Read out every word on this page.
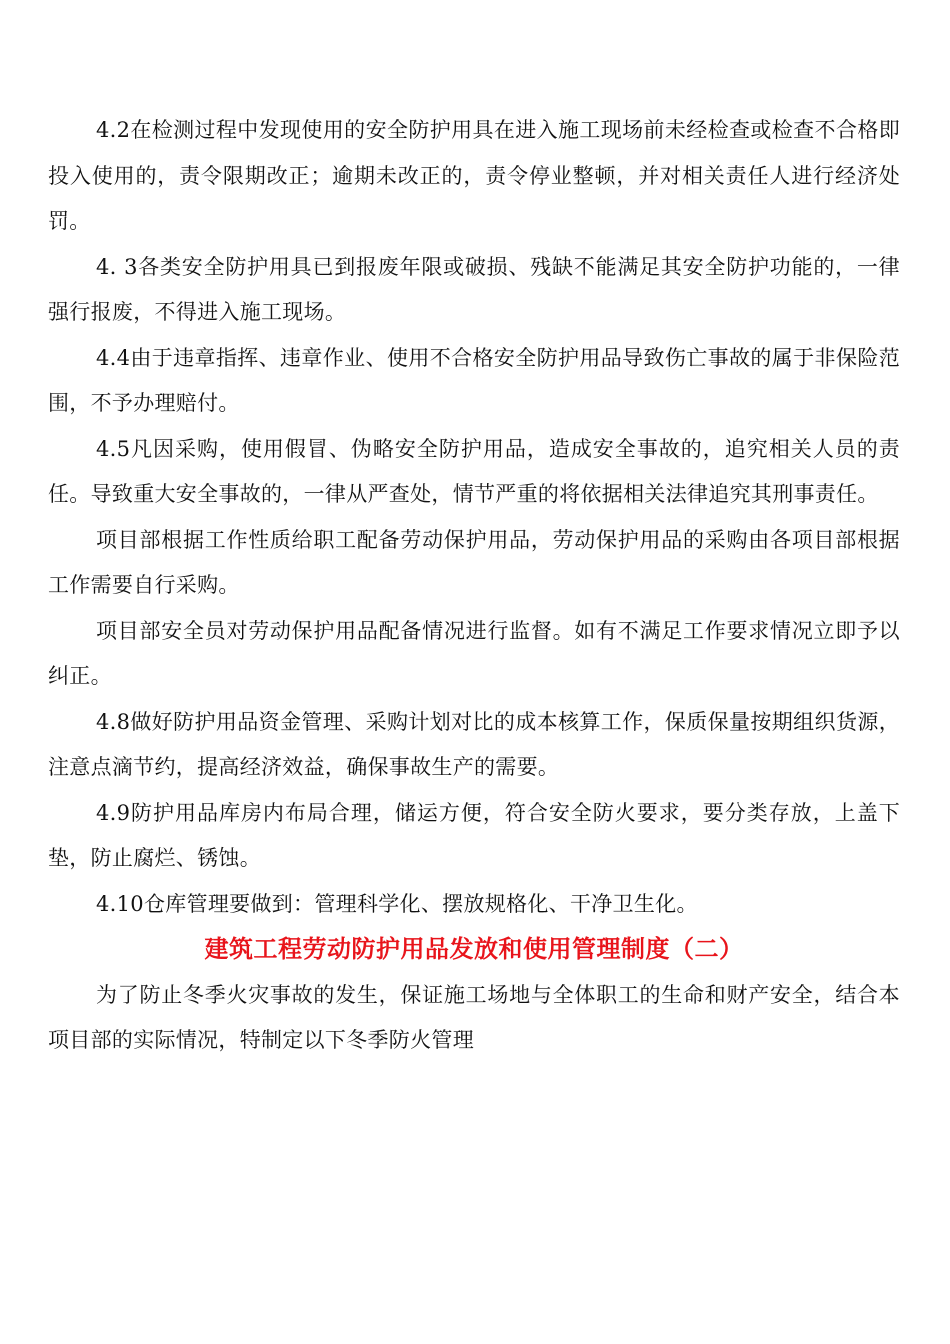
4.2在检测过程中发现使用的安全防护用具在进入施工现场前未经检查或检查不合格即投入使用的，责令限期改正；逾期未改正的，责令停业整顿，并对相关责任人进行经济处罚。

4. 3各类安全防护用具已到报废年限或破损、残缺不能满足其安全防护功能的，一律强行报废，不得进入施工现场。

4.4由于违章指挥、违章作业、使用不合格安全防护用品导致伤亡事故的属于非保险范围，不予办理赔付。

4.5凡因采购，使用假冒、伪略安全防护用品，造成安全事故的，追究相关人员的责任。导致重大安全事故的，一律从严查处，情节严重的将依据相关法律追究其刑事责任。

项目部根据工作性质给职工配备劳动保护用品，劳动保护用品的采购由各项目部根据工作需要自行采购。

项目部安全员对劳动保护用品配备情况进行监督。如有不满足工作要求情况立即予以纠正。

4.8做好防护用品资金管理、采购计划对比的成本核算工作，保质保量按期组织货源，注意点滴节约，提高经济效益，确保事故生产的需要。

4.9防护用品库房内布局合理，储运方便，符合安全防火要求，要分类存放，上盖下垫，防止腐烂、锈蚀。

4.10仓库管理要做到：管理科学化、摆放规格化、干净卫生化。

建筑工程劳动防护用品发放和使用管理制度（二）

为了防止冬季火灾事故的发生，保证施工场地与全体职工的生命和财产安全，结合本项目部的实际情况，特制定以下冬季防火管理
